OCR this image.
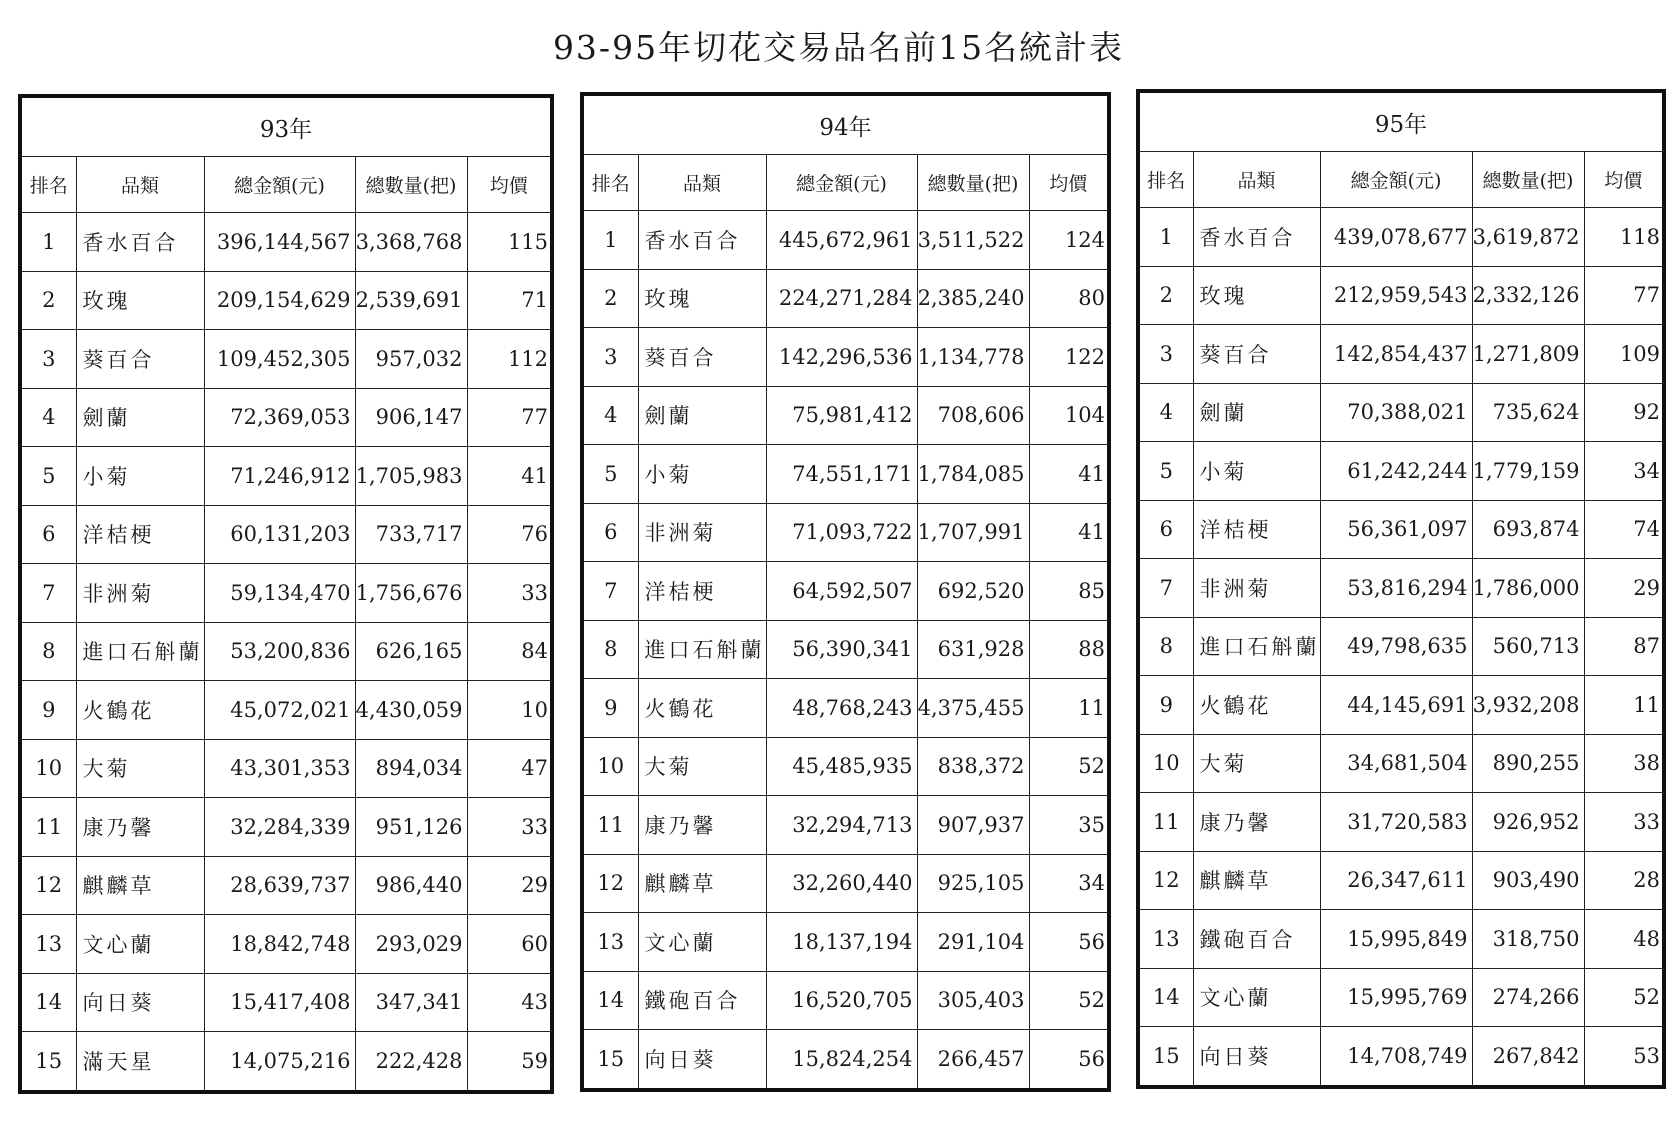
93-95年切花交易品名前15名統計表
93年				
排名	品類	總金額(元)	總數量(把)	均價
1	香水百合	396,144,567	3,368,768	115
2	玫瑰	209,154,629	2,539,691	71
3	葵百合	109,452,305	957,032	112
4	劍蘭	72,369,053	906,147	77
5	小菊	71,246,912	1,705,983	41
6	洋桔梗	60,131,203	733,717	76
7	非洲菊	59,134,470	1,756,676	33
8	進口石斛蘭	53,200,836	626,165	84
9	火鶴花	45,072,021	4,430,059	10
10	大菊	43,301,353	894,034	47
11	康乃馨	32,284,339	951,126	33
12	麒麟草	28,639,737	986,440	29
13	文心蘭	18,842,748	293,029	60
14	向日葵	15,417,408	347,341	43
15	滿天星	14,075,216	222,428	59
94年				
排名	品類	總金額(元)	總數量(把)	均價
1	香水百合	445,672,961	3,511,522	124
2	玫瑰	224,271,284	2,385,240	80
3	葵百合	142,296,536	1,134,778	122
4	劍蘭	75,981,412	708,606	104
5	小菊	74,551,171	1,784,085	41
6	非洲菊	71,093,722	1,707,991	41
7	洋桔梗	64,592,507	692,520	85
8	進口石斛蘭	56,390,341	631,928	88
9	火鶴花	48,768,243	4,375,455	11
10	大菊	45,485,935	838,372	52
11	康乃馨	32,294,713	907,937	35
12	麒麟草	32,260,440	925,105	34
13	文心蘭	18,137,194	291,104	56
14	鐵砲百合	16,520,705	305,403	52
15	向日葵	15,824,254	266,457	56
95年				
排名	品類	總金額(元)	總數量(把)	均價
1	香水百合	439,078,677	3,619,872	118
2	玫瑰	212,959,543	2,332,126	77
3	葵百合	142,854,437	1,271,809	109
4	劍蘭	70,388,021	735,624	92
5	小菊	61,242,244	1,779,159	34
6	洋桔梗	56,361,097	693,874	74
7	非洲菊	53,816,294	1,786,000	29
8	進口石斛蘭	49,798,635	560,713	87
9	火鶴花	44,145,691	3,932,208	11
10	大菊	34,681,504	890,255	38
11	康乃馨	31,720,583	926,952	33
12	麒麟草	26,347,611	903,490	28
13	鐵砲百合	15,995,849	318,750	48
14	文心蘭	15,995,769	274,266	52
15	向日葵	14,708,749	267,842	53
